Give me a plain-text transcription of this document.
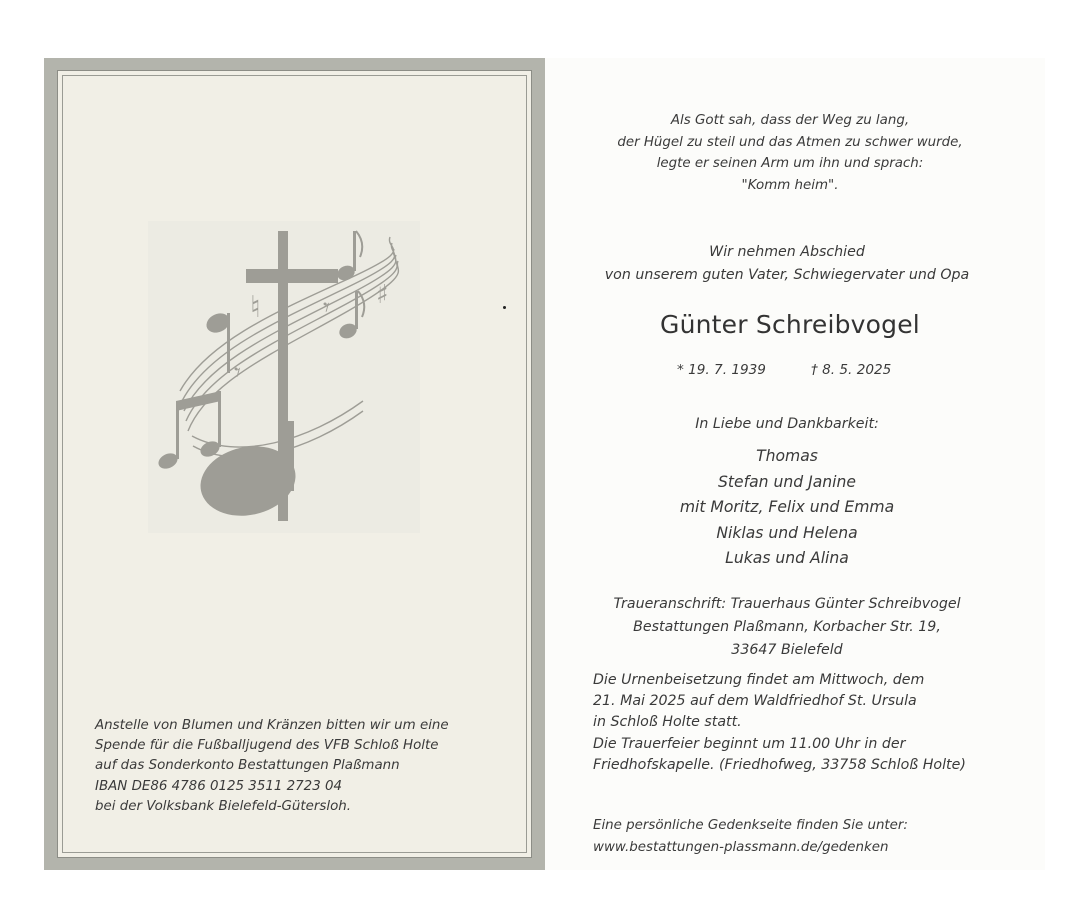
♯
♮ 𝄾
𝄾
Anstelle von Blumen und Kränzen bitten wir um eine
Spende für die Fußballjugend des VFB Schloß Holte
auf das Sonderkonto Bestattungen Plaßmann
IBAN DE86 4786 0125 3511 2723 04
bei der Volksbank Bielefeld-Gütersloh.
Als Gott sah, dass der Weg zu lang,
der Hügel zu steil und das Atmen zu schwer wurde,
legte er seinen Arm um ihn und sprach:
"Komm heim".
Wir nehmen Abschied
von unserem guten Vater, Schwiegervater und Opa
Günter Schreibvogel
* 19. 7. 1939	† 8. 5. 2025
In Liebe und Dankbarkeit:
Thomas
Stefan und Janine
mit Moritz, Felix und Emma
Niklas und Helena
Lukas und Alina
Traueranschrift: Trauerhaus Günter Schreibvogel
Bestattungen Plaßmann, Korbacher Str. 19,
33647 Bielefeld
Die Urnenbeisetzung findet am Mittwoch, dem
21. Mai 2025 auf dem Waldfriedhof St. Ursula
in Schloß Holte statt.
Die Trauerfeier beginnt um 11.00 Uhr in der
Friedhofskapelle. (Friedhofweg, 33758 Schloß Holte)
Eine persönliche Gedenkseite finden Sie unter:
www.bestattungen-plassmann.de/gedenken
